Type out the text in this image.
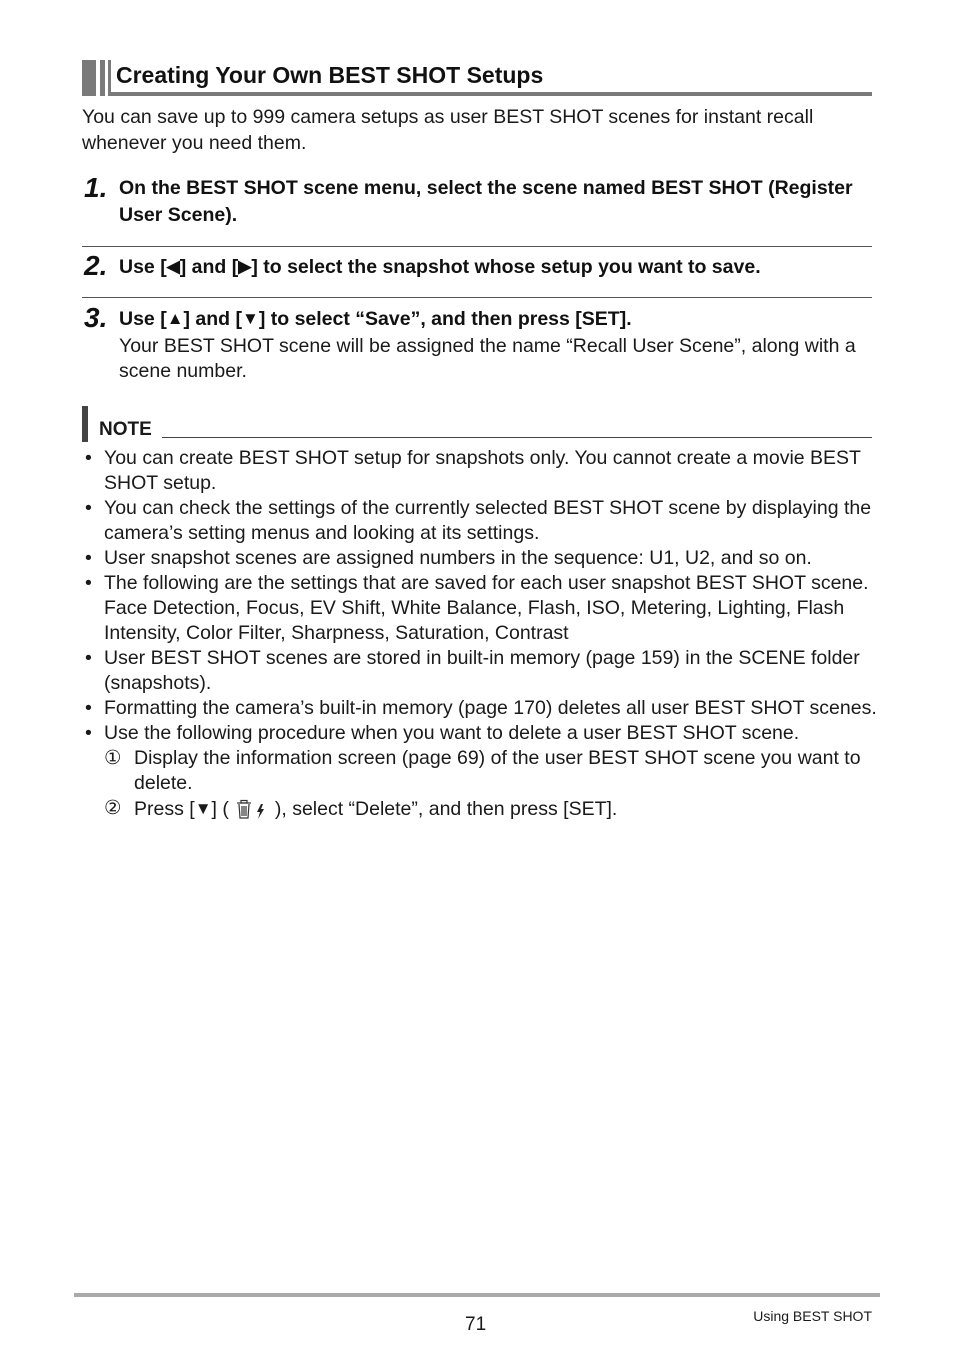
Creating Your Own BEST SHOT Setups
You can save up to 999 camera setups as user BEST SHOT scenes for instant recall whenever you need them.
1. On the BEST SHOT scene menu, select the scene named BEST SHOT (Register User Scene).
2. Use [◀] and [▶] to select the snapshot whose setup you want to save.
3. Use [▲] and [▼] to select “Save”, and then press [SET].
Your BEST SHOT scene will be assigned the name “Recall User Scene”, along with a scene number.
NOTE
• You can create BEST SHOT setup for snapshots only. You cannot create a movie BEST SHOT setup.
• You can check the settings of the currently selected BEST SHOT scene by displaying the camera’s setting menus and looking at its settings.
• User snapshot scenes are assigned numbers in the sequence: U1, U2, and so on.
• The following are the settings that are saved for each user snapshot BEST SHOT scene.
Face Detection, Focus, EV Shift, White Balance, Flash, ISO, Metering, Lighting, Flash Intensity, Color Filter, Sharpness, Saturation, Contrast
• User BEST SHOT scenes are stored in built-in memory (page 159) in the SCENE folder (snapshots).
• Formatting the camera’s built-in memory (page 170) deletes all user BEST SHOT scenes.
• Use the following procedure when you want to delete a user BEST SHOT scene.
① Display the information screen (page 69) of the user BEST SHOT scene you want to delete.
② Press [▼] ( ), select “Delete”, and then press [SET].
71	Using BEST SHOT
